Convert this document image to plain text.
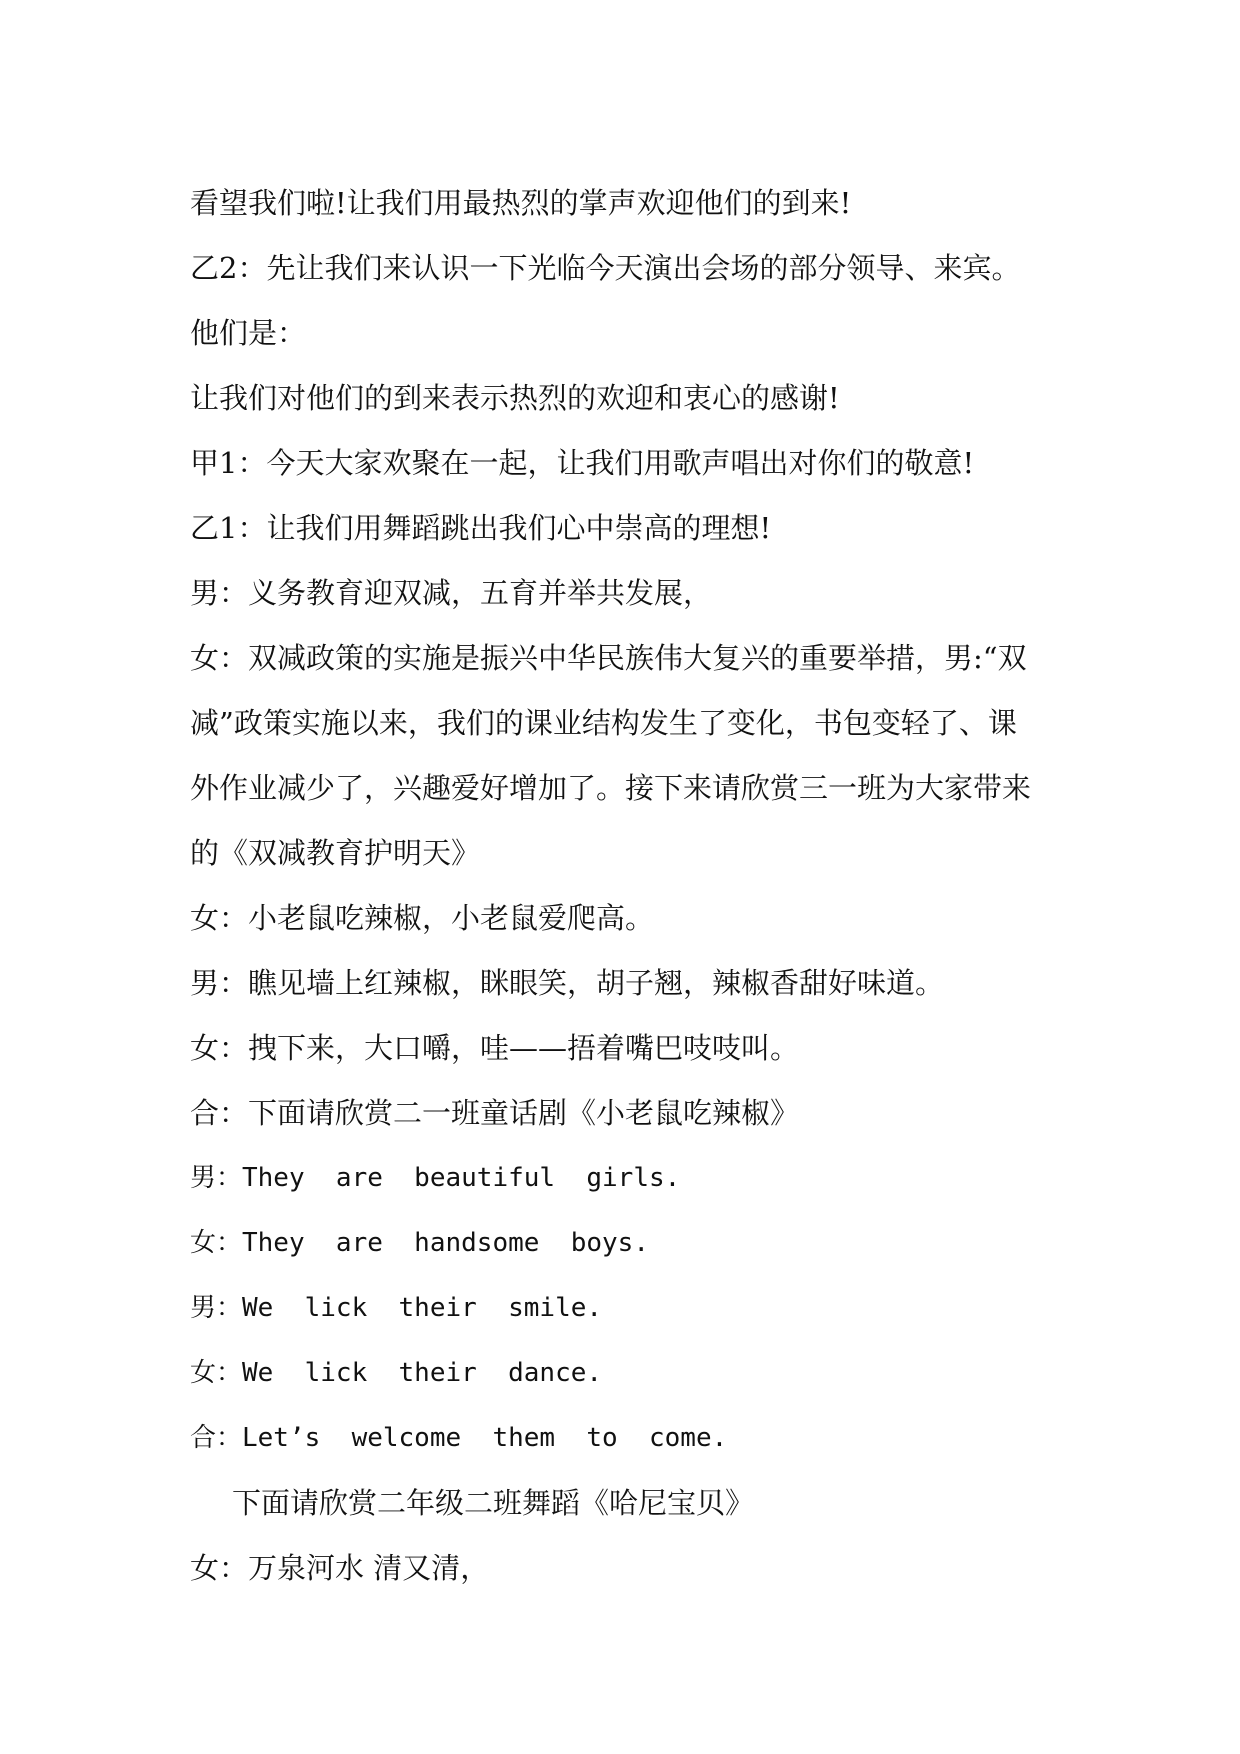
看望我们啦!让我们用最热烈的掌声欢迎他们的到来!
乙2：先让我们来认识一下光临今天演出会场的部分领导、来宾。
他们是：
让我们对他们的到来表示热烈的欢迎和衷心的感谢!
甲1：今天大家欢聚在一起，让我们用歌声唱出对你们的敬意!
乙1：让我们用舞蹈跳出我们心中崇高的理想!
男：义务教育迎双减，五育并举共发展，
女：双减政策的实施是振兴中华民族伟大复兴的重要举措，男:“双
减”政策实施以来，我们的课业结构发生了变化，书包变轻了、课
外作业减少了，兴趣爱好增加了。接下来请欣赏三一班为大家带来
的《双减教育护明天》
女：小老鼠吃辣椒，小老鼠爱爬高。
男：瞧见墙上红辣椒，眯眼笑，胡子翘，辣椒香甜好味道。
女：拽下来，大口嚼，哇——捂着嘴巴吱吱叫。
合：下面请欣赏二一班童话剧《小老鼠吃辣椒》
男：They  are  beautiful  girls.
女：They  are  handsome  boys.
男：We  lick  their  smile.
女：We  lick  their  dance.
合：Let’s  welcome  them  to  come.
下面请欣赏二年级二班舞蹈《哈尼宝贝》
女：万泉河水 清又清，
